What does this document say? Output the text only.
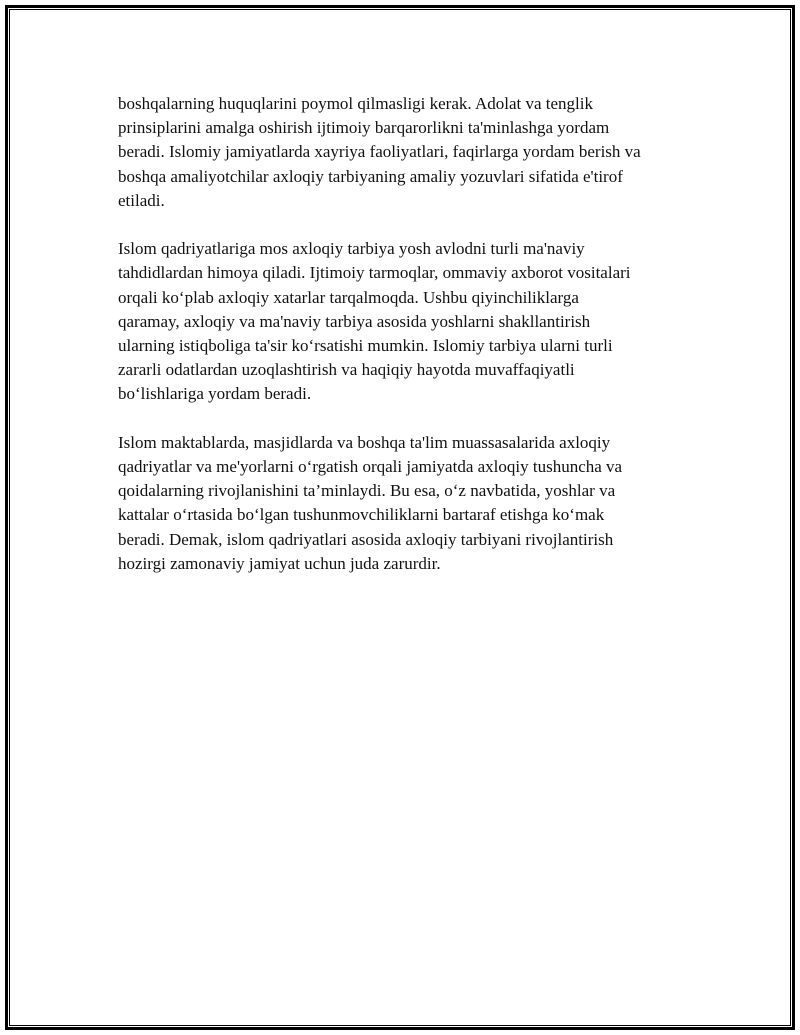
boshqalarning huquqlarini poymol qilmasligi kerak. Adolat va tenglik
prinsiplarini amalga oshirish ijtimoiy barqarorlikni ta'minlashga yordam
beradi. Islomiy jamiyatlarda xayriya faoliyatlari, faqirlarga yordam berish va
boshqa amaliyotchilar axloqiy tarbiyaning amaliy yozuvlari sifatida e'tirof
etiladi.

Islom qadriyatlariga mos axloqiy tarbiya yosh avlodni turli ma'naviy
tahdidlardan himoya qiladi. Ijtimoiy tarmoqlar, ommaviy axborot vositalari
orqali ko‘plab axloqiy xatarlar tarqalmoqda. Ushbu qiyinchiliklarga
qaramay, axloqiy va ma'naviy tarbiya asosida yoshlarni shakllantirish
ularning istiqboliga ta'sir ko‘rsatishi mumkin. Islomiy tarbiya ularni turli
zararli odatlardan uzoqlashtirish va haqiqiy hayotda muvaffaqiyatli
bo‘lishlariga yordam beradi.

Islom maktablarda, masjidlarda va boshqa ta'lim muassasalarida axloqiy
qadriyatlar va me'yorlarni o‘rgatish orqali jamiyatda axloqiy tushuncha va
qoidalarning rivojlanishini ta’minlaydi. Bu esa, o‘z navbatida, yoshlar va
kattalar o‘rtasida bo‘lgan tushunmovchiliklarni bartaraf etishga ko‘mak
beradi. Demak, islom qadriyatlari asosida axloqiy tarbiyani rivojlantirish
hozirgi zamonaviy jamiyat uchun juda zarurdir.
